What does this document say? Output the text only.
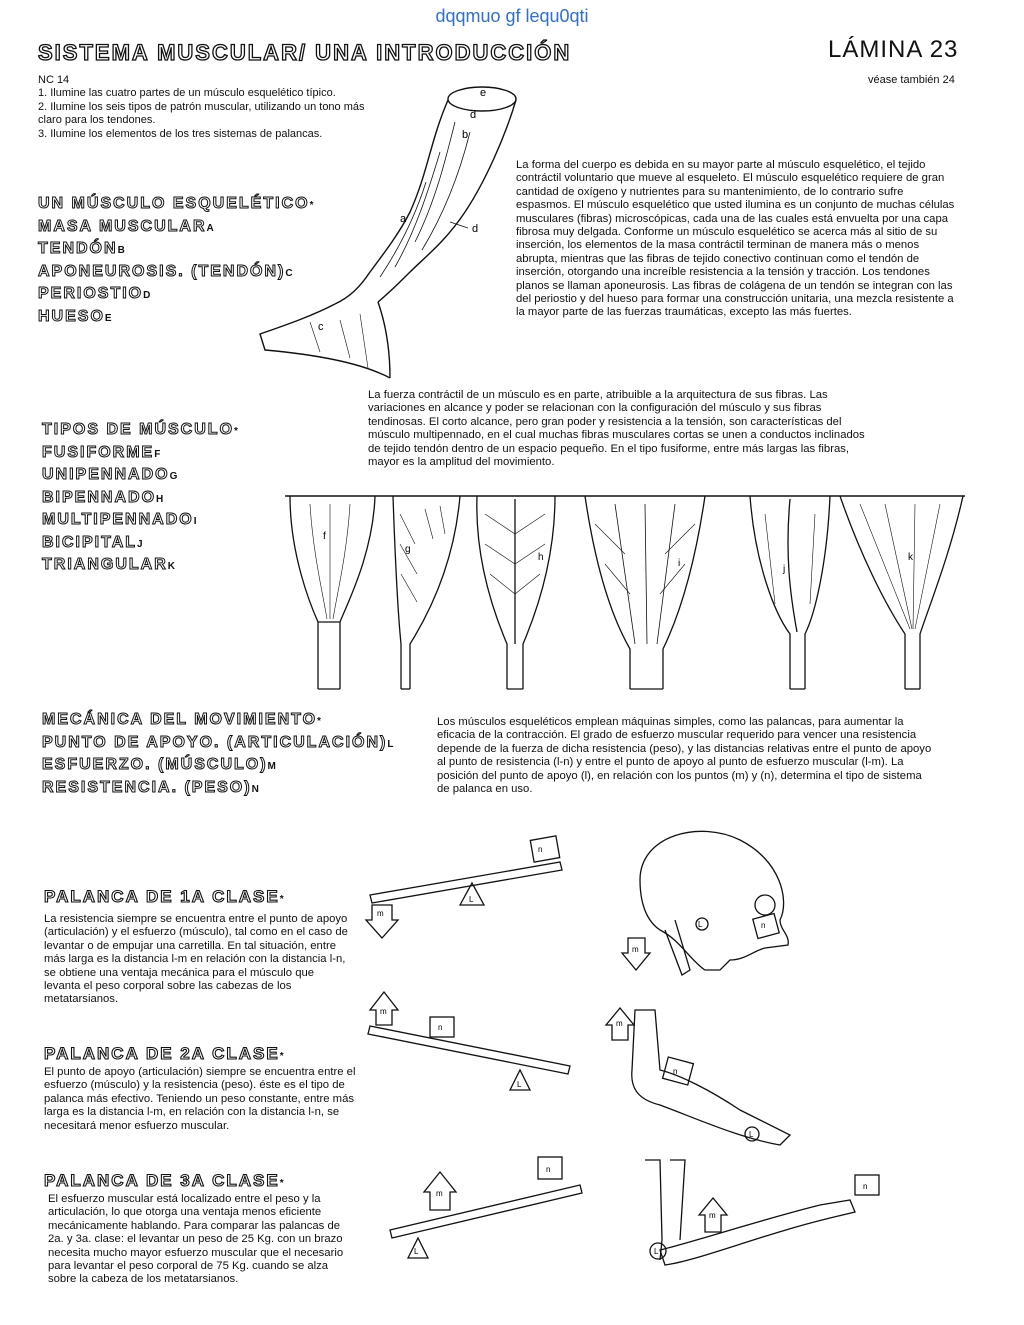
dqqmuo gf lequ0qti
SISTEMA MUSCULAR/ UNA INTRODUCCIÓN	LÁMINA 23
véase también 24
NC 14
1. Ilumine las cuatro partes de un músculo esquelético típico.
2. Ilumine los seis tipos de patrón muscular, utilizando un tono más claro para los tendones.
3. Ilumine los elementos de los tres sistemas de palancas.
UN MÚSCULO ESQUELÉTICO*
MASA MUSCULARA
TENDÓNB
APONEUROSIS. (TENDÓN)C
PERIOSTIOD
HUESOE
e
d
b
a
d
c
La forma del cuerpo es debida en su mayor parte al músculo esquelético, el tejido contráctil voluntario que mueve al esqueleto. El músculo esquelético requiere de gran cantidad de oxígeno y nutrientes para su mantenimiento, de lo contrario sufre espasmos. El músculo esquelético que usted ilumina es un conjunto de muchas células musculares (fibras) microscópicas, cada una de las cuales está envuelta por una capa fibrosa muy delgada. Conforme un músculo esquelético se acerca más al sitio de su inserción, los elementos de la masa contráctil terminan de manera más o menos abrupta, mientras que las fibras de tejido conectivo continuan como el tendón de inserción, otorgando una increíble resistencia a la tensión y tracción. Los tendones planos se llaman aponeurosis. Las fibras de colágena de un tendón se integran con las del periostio y del hueso para formar una construcción unitaria, una mezcla resistente a la mayor parte de las fuerzas traumáticas, excepto las más fuertes.
TIPOS DE MÚSCULO*
FUSIFORMEF
UNIPENNADOG
BIPENNADOH
MULTIPENNADOI
BICIPITALJ
TRIANGULARK
La fuerza contráctil de un músculo es en parte, atribuible a la arquitectura de sus fibras. Las variaciones en alcance y poder se relacionan con la configuración del músculo y sus fibras tendinosas. El corto alcance, pero gran poder y resistencia a la tensión, son características del músculo multipennado, en el cual muchas fibras musculares cortas se unen a conductos inclinados de tejido tendón dentro de un espacio pequeño. En el tipo fusiforme, entre más largas las fibras, mayor es la amplitud del movimiento.
f
g
h
i
j
k
MECÁNICA DEL MOVIMIENTO*
PUNTO DE APOYO. (ARTICULACIÓN)L
ESFUERZO. (MÚSCULO)M
RESISTENCIA. (PESO)N
Los músculos esqueléticos emplean máquinas simples, como las palancas, para aumentar la eficacia de la contracción. El grado de esfuerzo muscular requerido para vencer una resistencia depende de la fuerza de dicha resistencia (peso), y las distancias relativas entre el punto de apoyo al punto de resistencia (l-n) y entre el punto de apoyo al punto de esfuerzo muscular (l-m). La posición del punto de apoyo (l), en relación con los puntos (m) y (n), determina el tipo de sistema de palanca en uso.
PALANCA DE 1A CLASE*
La resistencia siempre se encuentra entre el punto de apoyo (articulación) y el esfuerzo (músculo), tal como en el caso de levantar o de empujar una carretilla. En tal situación, entre más larga es la distancia l-m en relación con la distancia l-n, se obtiene una ventaja mecánica para el músculo que levanta el peso corporal sobre las cabezas de los metatarsianos.
PALANCA DE 2A CLASE*
El punto de apoyo (articulación) siempre se encuentra entre el esfuerzo (músculo) y la resistencia (peso). éste es el tipo de palanca más efectivo. Teniendo un peso constante, entre más larga es la distancia l-m, en relación con la distancia l-n, se necesitará menor esfuerzo muscular.
PALANCA DE 3A CLASE*
El esfuerzo muscular está localizado entre el peso y la articulación, lo que otorga una ventaja menos eficiente mecánicamente hablando. Para comparar las palancas de 2a. y 3a. clase: el levantar un peso de 25 Kg. con un brazo necesita mucho mayor esfuerzo muscular que el necesario para levantar el peso corporal de 75 Kg. cuando se alza sobre la cabeza de los metatarsianos.
n
L
m
n
m
L
n
L
m
n
L
m
n
L
m
n
L
m
